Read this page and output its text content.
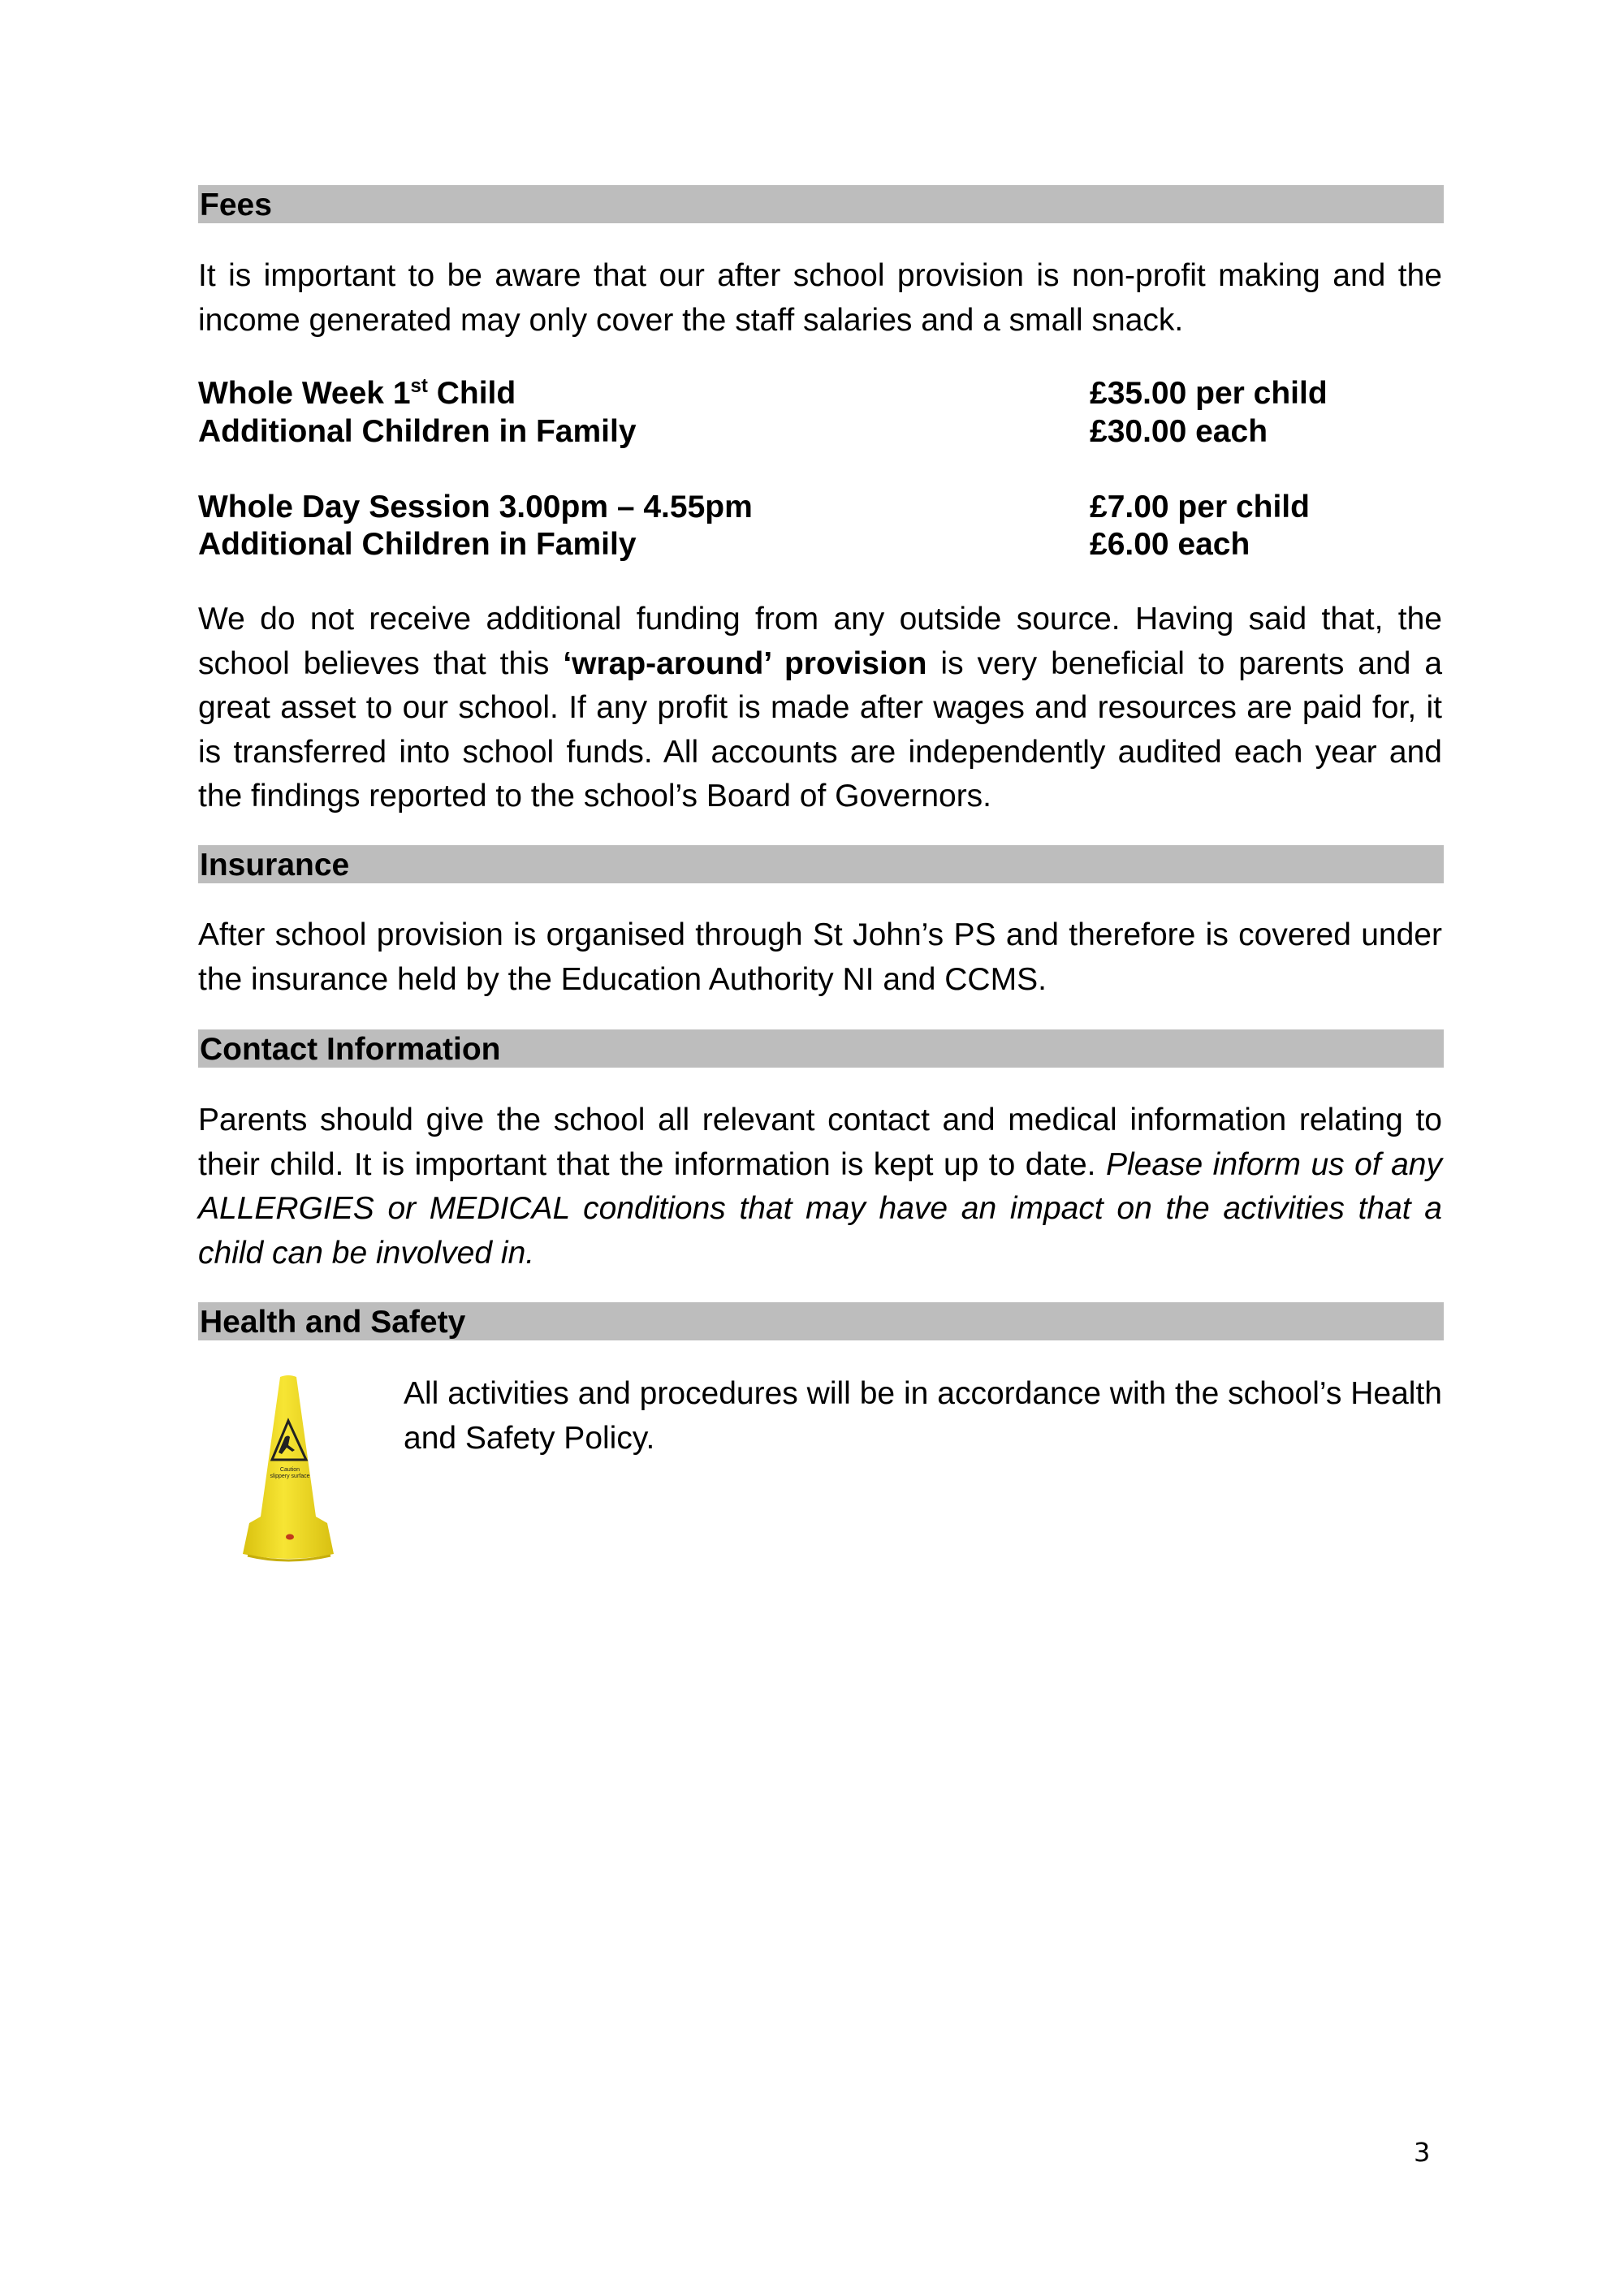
Fees
It is important to be aware that our after school provision is non-profit making and the income generated may only cover the staff salaries and a small snack.
Whole Week 1st Child	£35.00 per child
Additional Children in Family	£30.00 each
Whole Day Session 3.00pm – 4.55pm	£7.00 per child
Additional Children in Family	£6.00 each
We do not receive additional funding from any outside source. Having said that, the school believes that this ‘wrap-around’ provision is very beneficial to parents and a great asset to our school. If any profit is made after wages and resources are paid for, it is transferred into school funds. All accounts are independently audited each year and the findings reported to the school’s Board of Governors.
Insurance
After school provision is organised through St John’s PS and therefore is covered under the insurance held by the Education Authority NI and CCMS.
Contact Information
Parents should give the school all relevant contact and medical information relating to their child. It is important that the information is kept up to date. Please inform us of any ALLERGIES or MEDICAL conditions that may have an impact on the activities that a child can be involved in.
Health and Safety
Caution
slippery surface
All activities and procedures will be in accordance with the school’s Health and Safety Policy.
3
